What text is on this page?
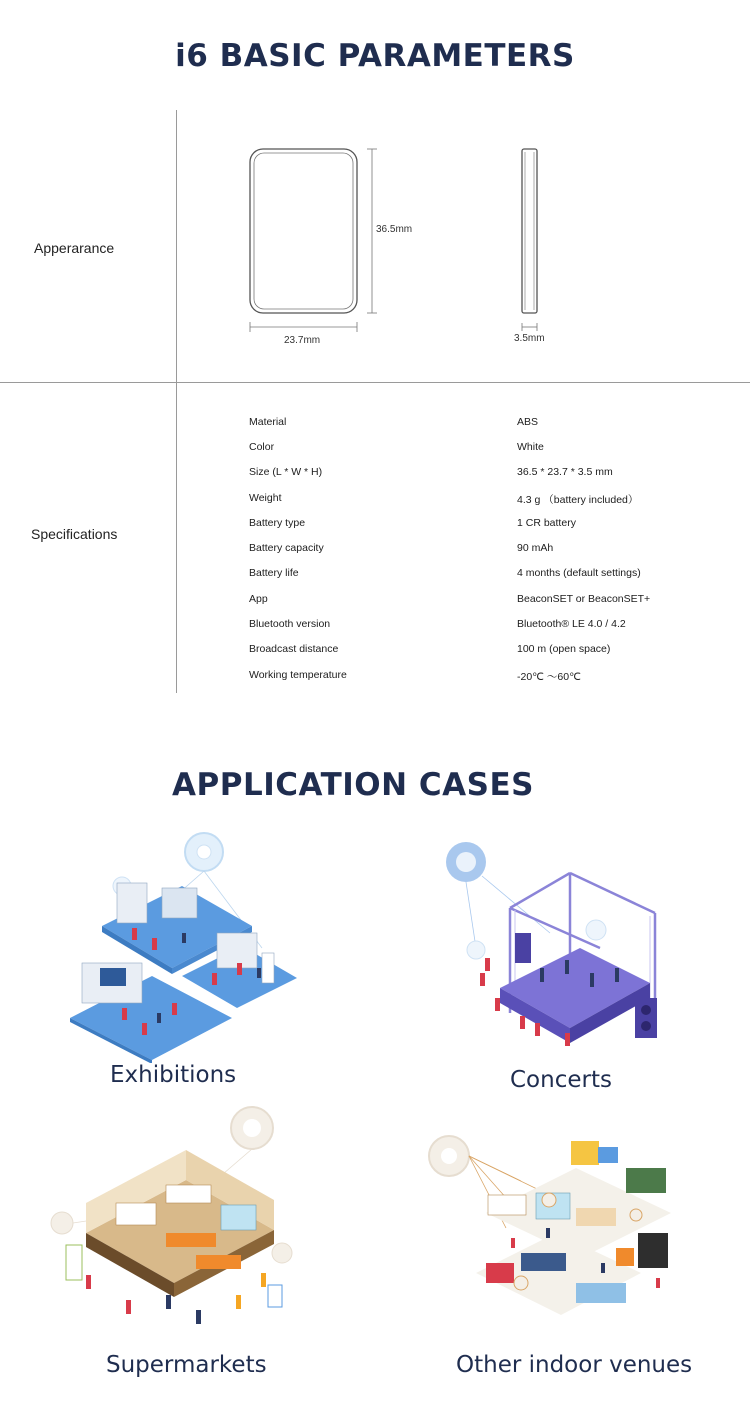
i6 BASIC PARAMETERS
Apperarance
36.5mm
23.7mm	3.5mm
Specifications
Material	ABS
Color	White
Size (L * W * H)	36.5 * 23.7 * 3.5 mm
Weight	4.3 g （battery included）
Battery type	1 CR battery
Battery capacity	90 mAh
Battery life	4 months (default settings)
App	BeaconSET or BeaconSET+
Bluetooth version	Bluetooth® LE 4.0 / 4.2
Broadcast distance	100 m (open space)
Working temperature	-20℃ ～60℃
APPLICATION CASES
Exhibitions	Concerts
Supermarkets	Other indoor venues
